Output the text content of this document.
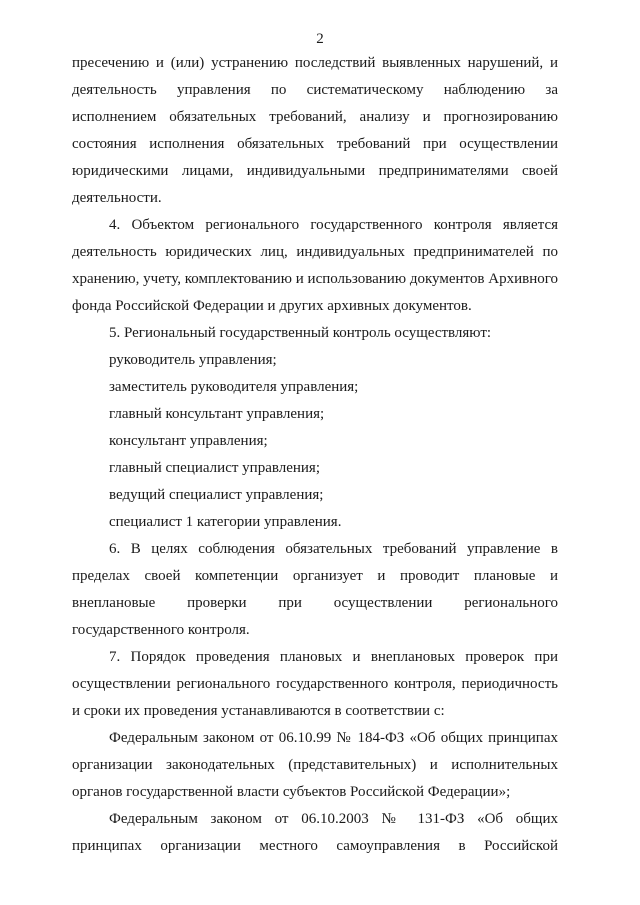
2

пресечению и (или) устранению последствий выявленных нарушений, и деятельность управления по систематическому наблюдению за исполнением обязательных требований, анализу и прогнозированию состояния исполнения обязательных требований при осуществлении юридическими лицами, индивидуальными предпринимателями своей деятельности.

4. Объектом регионального государственного контроля является деятельность юридических лиц, индивидуальных предпринимателей по хранению, учету, комплектованию и использованию документов Архивного фонда Российской Федерации и других архивных документов.

5. Региональный государственный контроль осуществляют:

руководитель управления;

заместитель руководителя управления;

главный консультант управления;

консультант управления;

главный специалист управления;

ведущий специалист управления;

специалист 1 категории управления.

6. В целях соблюдения обязательных требований управление в пределах своей компетенции организует и проводит плановые и внеплановые проверки при осуществлении регионального государственного контроля.

7. Порядок проведения плановых и внеплановых проверок при осуществлении регионального государственного контроля, периодичность и сроки их проведения устанавливаются в соответствии с:

Федеральным законом от 06.10.99 № 184-ФЗ «Об общих принципах организации законодательных (представительных) и исполнительных органов государственной власти субъектов Российской Федерации»;

Федеральным законом от 06.10.2003 № 131-ФЗ «Об общих принципах организации местного самоуправления в Российской
